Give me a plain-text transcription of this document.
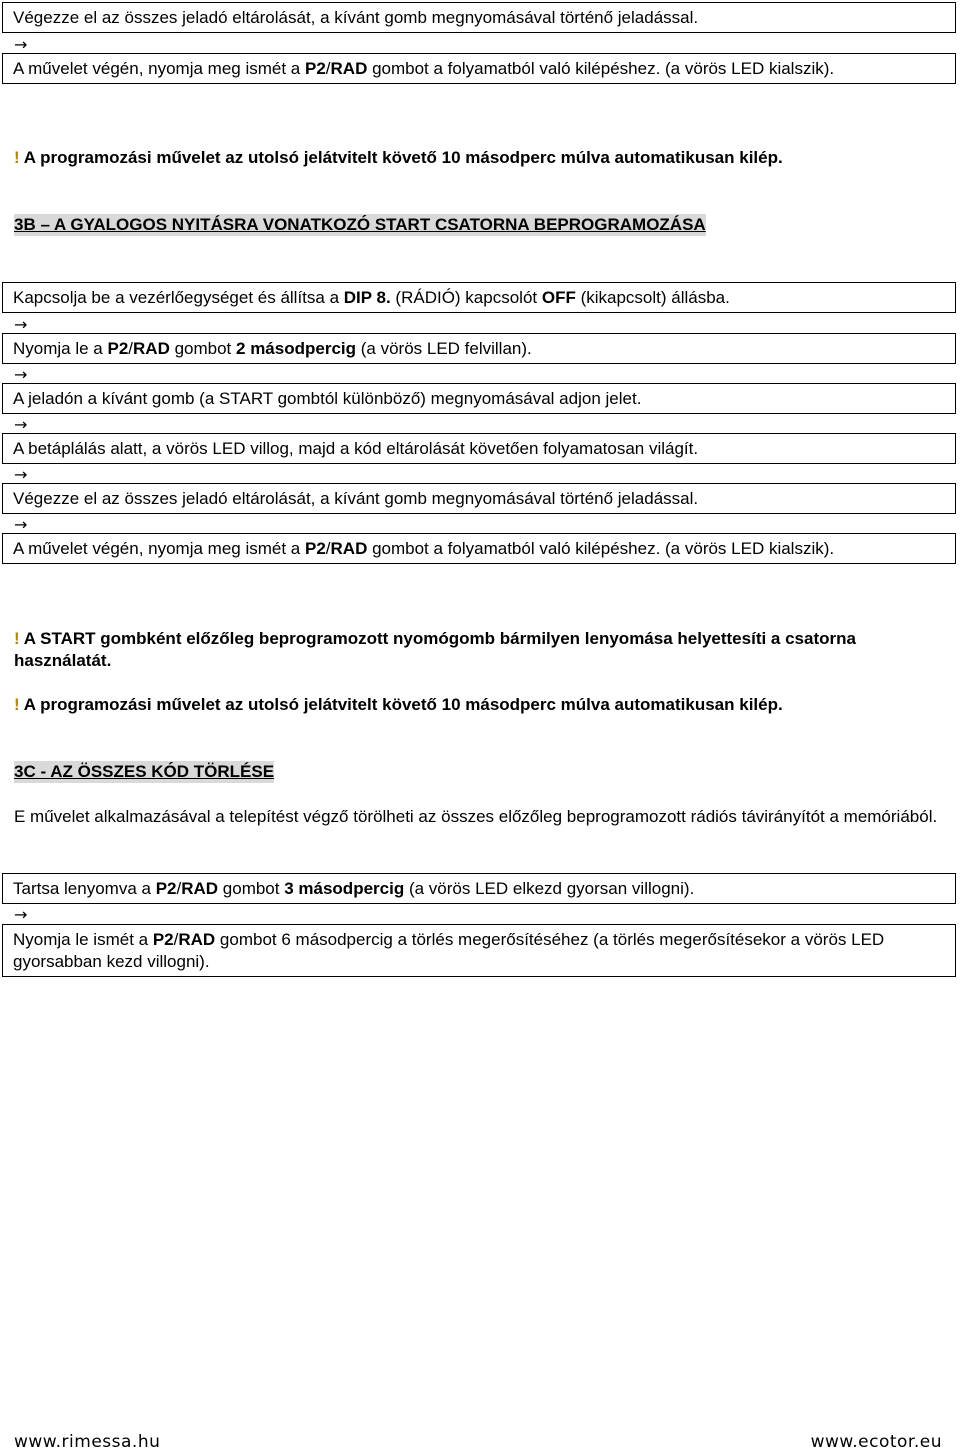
Végezze el az összes jeladó eltárolását, a kívánt gomb megnyomásával történő jeladással.
→
A művelet végén, nyomja meg ismét a P2/RAD gombot a folyamatból való kilépéshez. (a vörös LED kialszik).
! A programozási művelet az utolsó jelátvitelt követő 10 másodperc múlva automatikusan kilép.
3B – A GYALOGOS NYITÁSRA VONATKOZÓ START CSATORNA BEPROGRAMOZÁSA
Kapcsolja be a vezérlőegységet és állítsa a DIP 8. (RÁDIÓ) kapcsolót OFF (kikapcsolt) állásba.
→
Nyomja le a P2/RAD gombot 2 másodpercig (a vörös LED felvillan).
→
A jeladón a kívánt gomb (a START gombtól különböző) megnyomásával adjon jelet.
→
A betáplálás alatt, a vörös LED villog, majd a kód eltárolását követően folyamatosan világít.
→
Végezze el az összes jeladó eltárolását, a kívánt gomb megnyomásával történő jeladással.
→
A művelet végén, nyomja meg ismét a P2/RAD gombot a folyamatból való kilépéshez. (a vörös LED kialszik).
! A START gombként előzőleg beprogramozott nyomógomb bármilyen lenyomása helyettesíti a csatorna használatát.
! A programozási művelet az utolsó jelátvitelt követő 10 másodperc múlva automatikusan kilép.
3C - AZ ÖSSZES KÓD TÖRLÉSE
E művelet alkalmazásával a telepítést végző törölheti az összes előzőleg beprogramozott rádiós távirányítót a memóriából.
Tartsa lenyomva a P2/RAD gombot 3 másodpercig (a vörös LED elkezd gyorsan villogni).
→
Nyomja le ismét a P2/RAD gombot 6 másodpercig a törlés megerősítéséhez (a törlés megerősítésekor a vörös LED gyorsabban kezd villogni).
www.rimessa.hu	www.ecotor.eu
